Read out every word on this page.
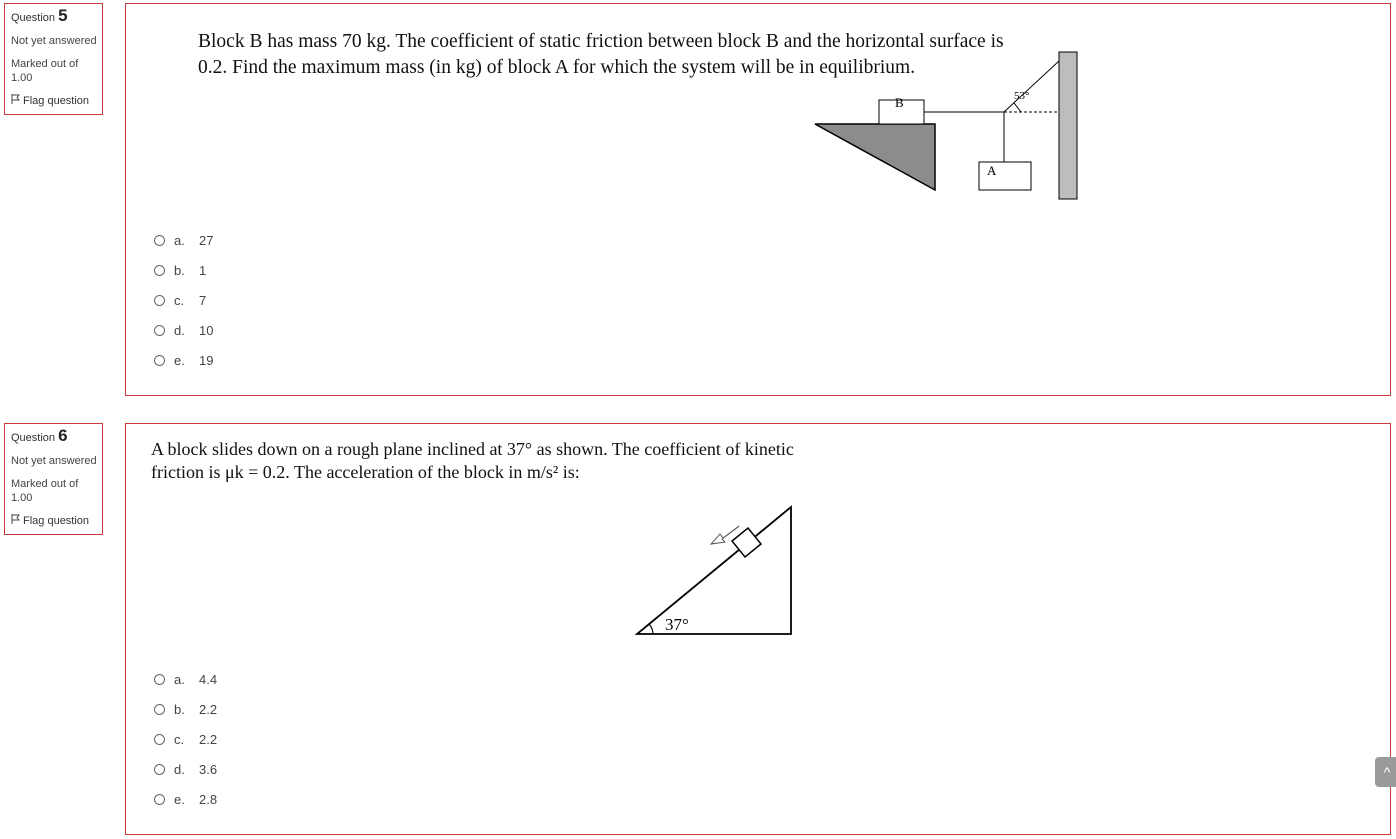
Question 5
Not yet answered
Marked out of 1.00
Flag question
Block B has mass 70 kg. The coefficient of static friction between block B and the horizontal surface is
0.2. Find the maximum mass (in kg) of block A for which the system will be in equilibrium.
B
A
53°
a.	27
b.	1
c.	7
d.	10
e.	19
Question 6
Not yet answered
Marked out of 1.00
Flag question
A block slides down on a rough plane inclined at 37° as shown. The coefficient of kinetic
friction is μk = 0.2. The acceleration of the block in m/s² is:
37°
a.	4.4
b.	2.2
c.	2.2
d.	3.6
e.	2.8
^
